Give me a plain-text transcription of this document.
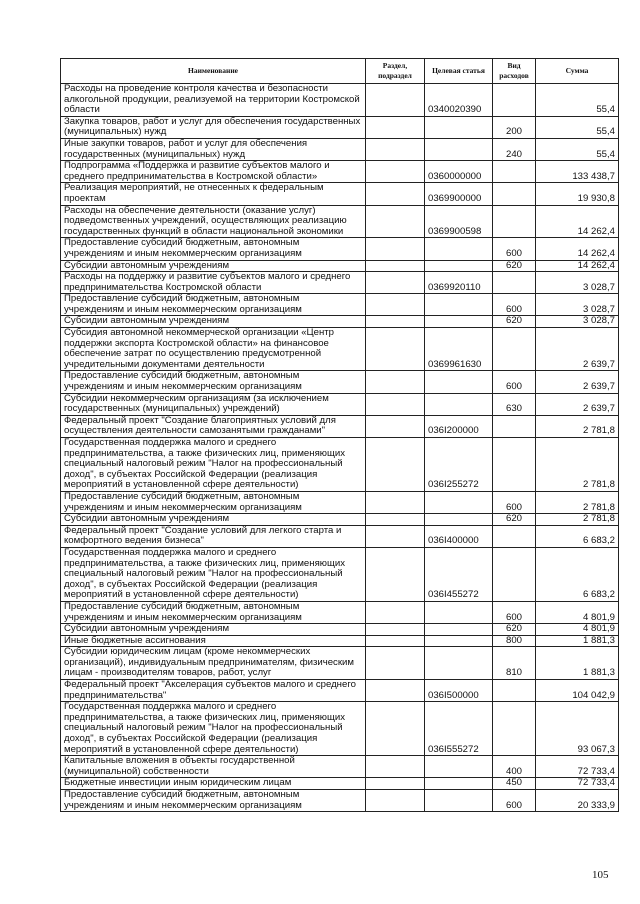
Наименование	Раздел, подраздел	Целевая статья	Вид расходов	Сумма
Расходы на проведение контроля качества и безопасности алкогольной продукции, реализуемой на территории Костромской области		0340020390		55,4
Закупка товаров, работ и услуг для обеспечения государственных (муниципальных) нужд			200	55,4
Иные закупки товаров, работ и услуг для обеспечения государственных (муниципальных) нужд			240	55,4
Подпрограмма «Поддержка и развитие субъектов малого и среднего предпринимательства в Костромской области»		0360000000		133 438,7
Реализация мероприятий, не отнесенных к федеральным проектам		0369900000		19 930,8
Расходы на обеспечение деятельности (оказание услуг) подведомственных учреждений, осуществляющих реализацию государственных функций в области национальной экономики		0369900598		14 262,4
Предоставление субсидий бюджетным, автономным учреждениям и иным некоммерческим организациям			600	14 262,4
Субсидии автономным учреждениям			620	14 262,4
Расходы на поддержку и развитие субъектов малого и среднего предпринимательства Костромской области		0369920110		3 028,7
Предоставление субсидий бюджетным, автономным учреждениям и иным некоммерческим организациям			600	3 028,7
Субсидии автономным учреждениям			620	3 028,7
Субсидия автономной некоммерческой организации «Центр поддержки экспорта Костромской области» на финансовое обеспечение затрат по осуществлению предусмотренной учредительными документами деятельности		0369961630		2 639,7
Предоставление субсидий бюджетным, автономным учреждениям и иным некоммерческим организациям			600	2 639,7
Субсидии некоммерческим организациям (за исключением государственных (муниципальных) учреждений)			630	2 639,7
Федеральный проект "Создание благоприятных условий для осуществления деятельности самозанятыми гражданами"		036I200000		2 781,8
Государственная поддержка малого и среднего предпринимательства, а также физических лиц, применяющих специальный налоговый режим "Налог на профессиональный доход", в субъектах Российской Федерации (реализация мероприятий в установленной сфере деятельности)		036I255272		2 781,8
Предоставление субсидий бюджетным, автономным учреждениям и иным некоммерческим организациям			600	2 781,8
Субсидии автономным учреждениям			620	2 781,8
Федеральный проект "Создание условий для легкого старта и комфортного ведения бизнеса"		036I400000		6 683,2
Государственная поддержка малого и среднего предпринимательства, а также физических лиц, применяющих специальный налоговый режим "Налог на профессиональный доход", в субъектах Российской Федерации (реализация мероприятий в установленной сфере деятельности)		036I455272		6 683,2
Предоставление субсидий бюджетным, автономным учреждениям и иным некоммерческим организациям			600	4 801,9
Субсидии автономным учреждениям			620	4 801,9
Иные бюджетные ассигнования			800	1 881,3
Субсидии юридическим лицам (кроме некоммерческих организаций), индивидуальным предпринимателям, физическим лицам - производителям товаров, работ, услуг			810	1 881,3
Федеральный проект "Акселерация субъектов малого и среднего предпринимательства"		036I500000		104 042,9
Государственная поддержка малого и среднего предпринимательства, а также физических лиц, применяющих специальный налоговый режим "Налог на профессиональный доход", в субъектах Российской Федерации (реализация мероприятий в установленной сфере деятельности)		036I555272		93 067,3
Капитальные вложения в объекты государственной (муниципальной) собственности			400	72 733,4
Бюджетные инвестиции иным юридическим лицам			450	72 733,4
Предоставление субсидий бюджетным, автономным учреждениям и иным некоммерческим организациям			600	20 333,9
105
